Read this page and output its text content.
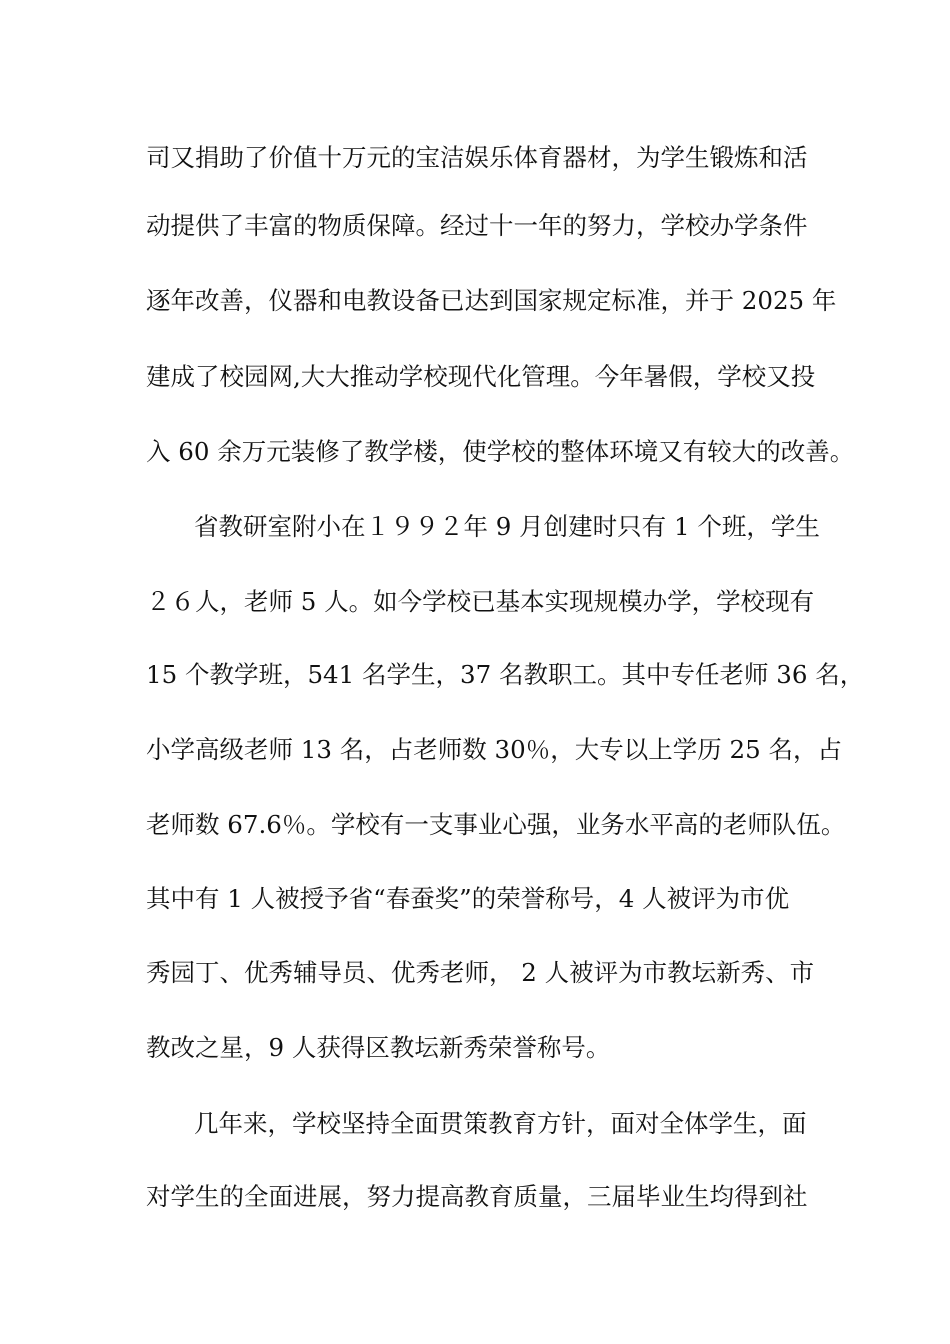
司又捐助了价值十万元的宝洁娱乐体育器材，为学生锻炼和活

动提供了丰富的物质保障。经过十一年的努力，学校办学条件

逐年改善，仪器和电教设备已达到国家规定标准，并于 2025 年

建成了校园网,大大推动学校现代化管理。今年暑假，学校又投

入 60 余万元装修了教学楼，使学校的整体环境又有较大的改善。

省教研室附小在１９９２年 9 月创建时只有 1 个班，学生

２６人，老师 5 人。如今学校已基本实现规模办学，学校现有

15 个教学班，541 名学生，37 名教职工。其中专任老师 36 名，

小学高级老师 13 名，占老师数 30％，大专以上学历 25 名，占

老师数 67.6％。学校有一支事业心强，业务水平高的老师队伍。

其中有 1 人被授予省“春蚕奖”的荣誉称号，4 人被评为市优

秀园丁、优秀辅导员、优秀老师， 2 人被评为市教坛新秀、市

教改之星，9 人获得区教坛新秀荣誉称号。

几年来，学校坚持全面贯策教育方针，面对全体学生，面

对学生的全面进展，努力提高教育质量，三届毕业生均得到社
